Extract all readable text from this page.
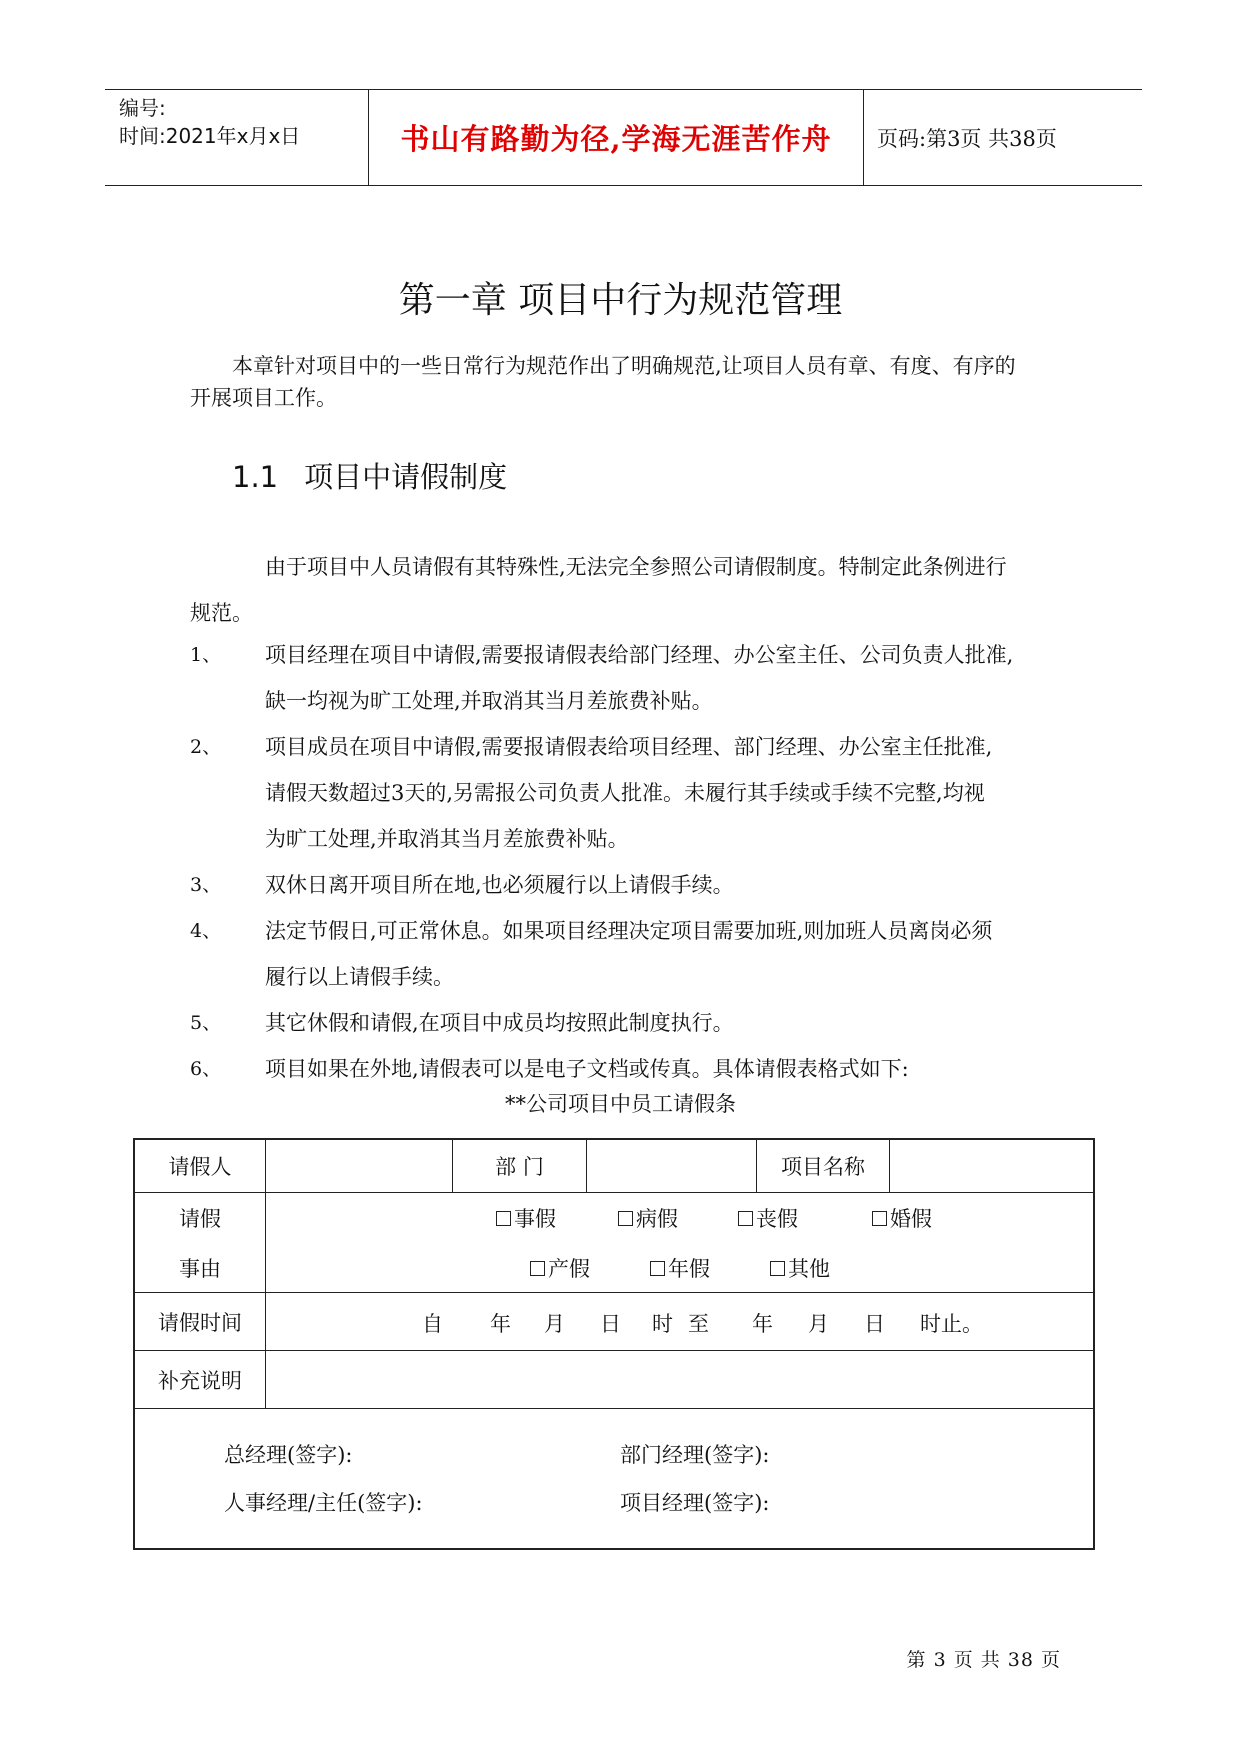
编号:
时间:2021年x月x日	书山有路勤为径,学海无涯苦作舟 页码:第3页 共38页
第一章 项目中行为规范管理
本章针对项目中的一些日常行为规范作出了明确规范,让项目人员有章、有度、有序的
开展项目工作。
1.1 项目中请假制度
由于项目中人员请假有其特殊性,无法完全参照公司请假制度。特制定此条例进行
规范。
1、	项目经理在项目中请假,需要报请假表给部门经理、办公室主任、公司负责人批准,
缺一均视为旷工处理,并取消其当月差旅费补贴。
2、	项目成员在项目中请假,需要报请假表给项目经理、部门经理、办公室主任批准,
请假天数超过3天的,另需报公司负责人批准。未履行其手续或手续不完整,均视
为旷工处理,并取消其当月差旅费补贴。
3、	双休日离开项目所在地,也必须履行以上请假手续。
4、	法定节假日,可正常休息。如果项目经理决定项目需要加班,则加班人员离岗必须
履行以上请假手续。
5、	其它休假和请假,在项目中成员均按照此制度执行。
6、	项目如果在外地,请假表可以是电子文档或传真。具体请假表格式如下:
**公司项目中员工请假条
请假人	部 门	项目名称
请假
事由
事假	病假	丧假	婚假
产假	年假	其他
请假时间	自 年 月 日 时 至 年 月 日 时止。
补充说明
总经理(签字):	部门经理(签字):
人事经理/主任(签字):	项目经理(签字):
第 3 页 共 38 页
